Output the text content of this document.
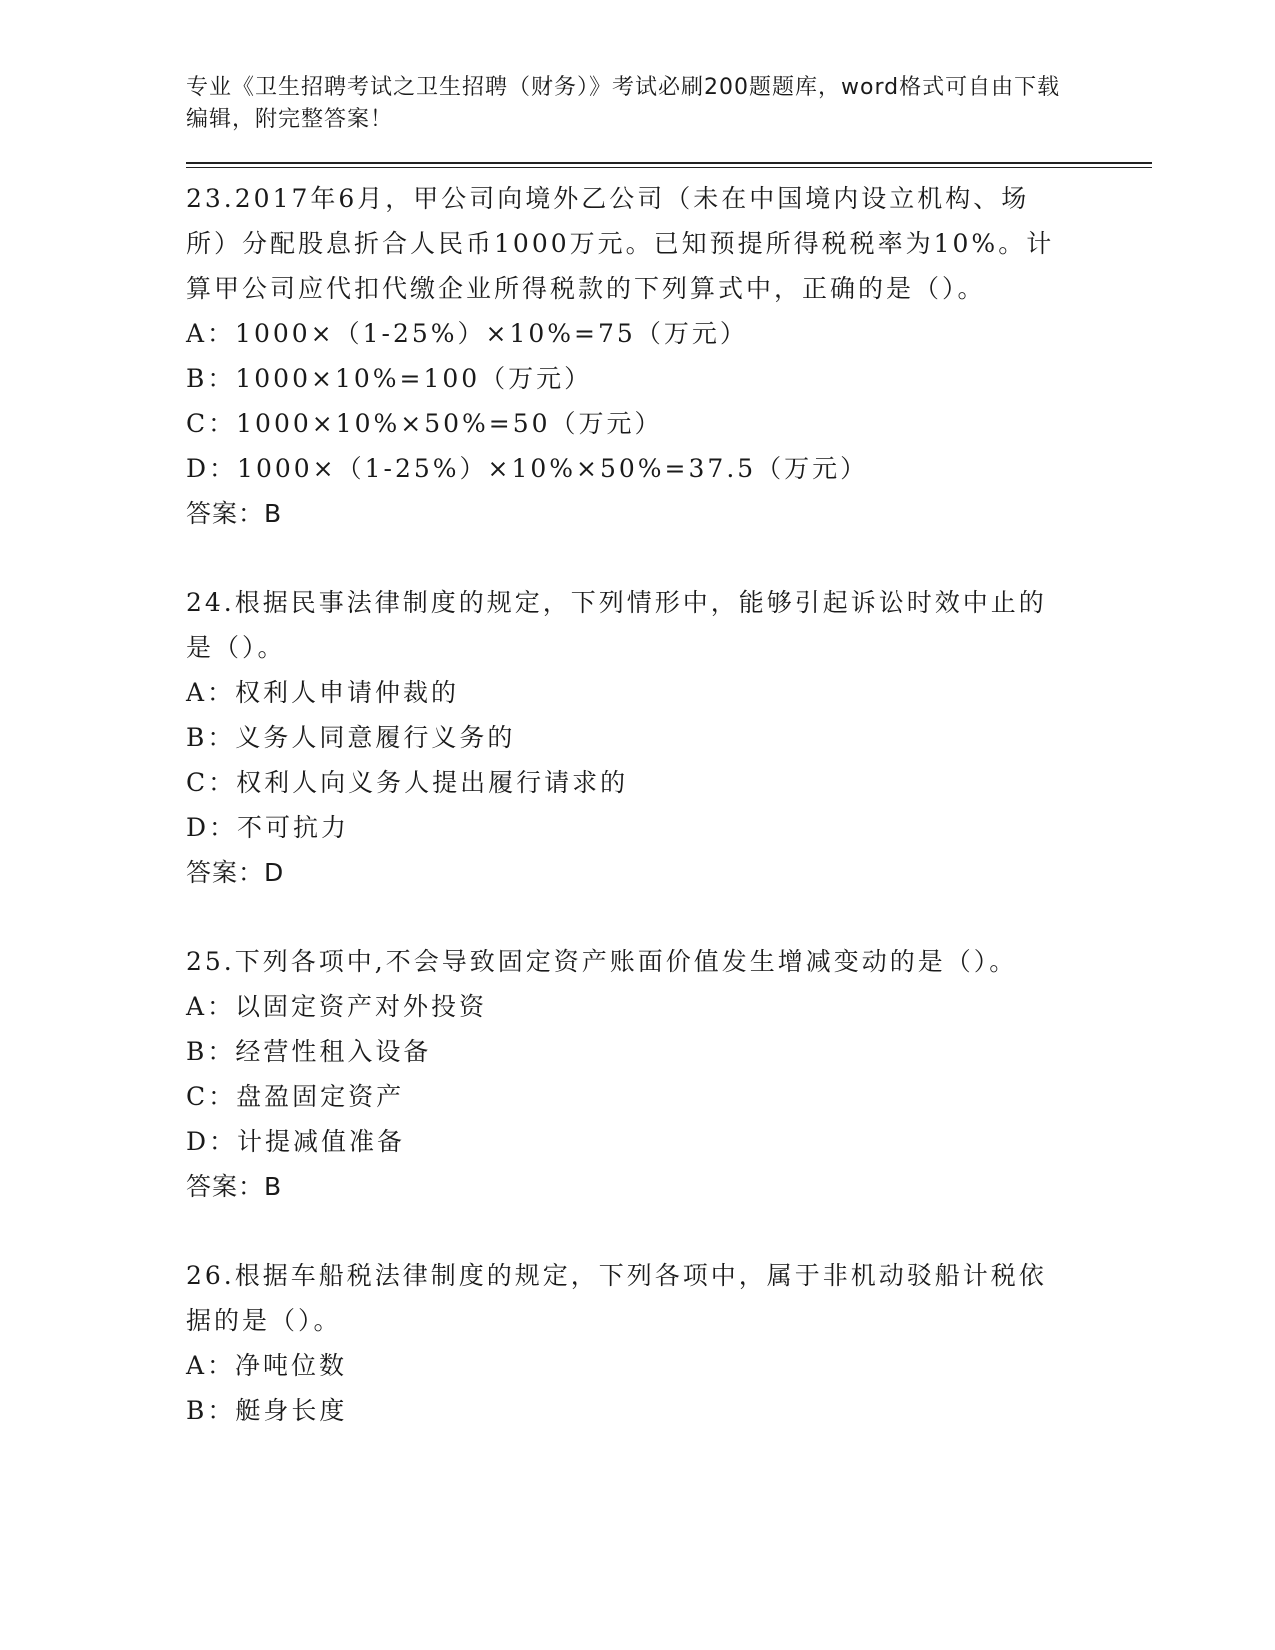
专业《卫生招聘考试之卫生招聘（财务）》考试必刷200题题库，word格式可自由下载编辑，附完整答案！

23.2017年6月，甲公司向境外乙公司（未在中国境内设立机构、场所）分配股息折合人民币1000万元。已知预提所得税税率为10%。计算甲公司应代扣代缴企业所得税款的下列算式中，正确的是（）。

A：1000×（1-25%）×10%=75（万元）

B：1000×10%=100（万元）

C：1000×10%×50%=50（万元）

D：1000×（1-25%）×10%×50%=37.5（万元）

答案：B

24.根据民事法律制度的规定，下列情形中，能够引起诉讼时效中止的是（）。

A：权利人申请仲裁的

B：义务人同意履行义务的

C：权利人向义务人提出履行请求的

D：不可抗力

答案：D

25.下列各项中,不会导致固定资产账面价值发生增减变动的是（）。

A：以固定资产对外投资

B：经营性租入设备

C：盘盈固定资产

D：计提减值准备

答案：B

26.根据车船税法律制度的规定，下列各项中，属于非机动驳船计税依据的是（）。

A：净吨位数

B：艇身长度
